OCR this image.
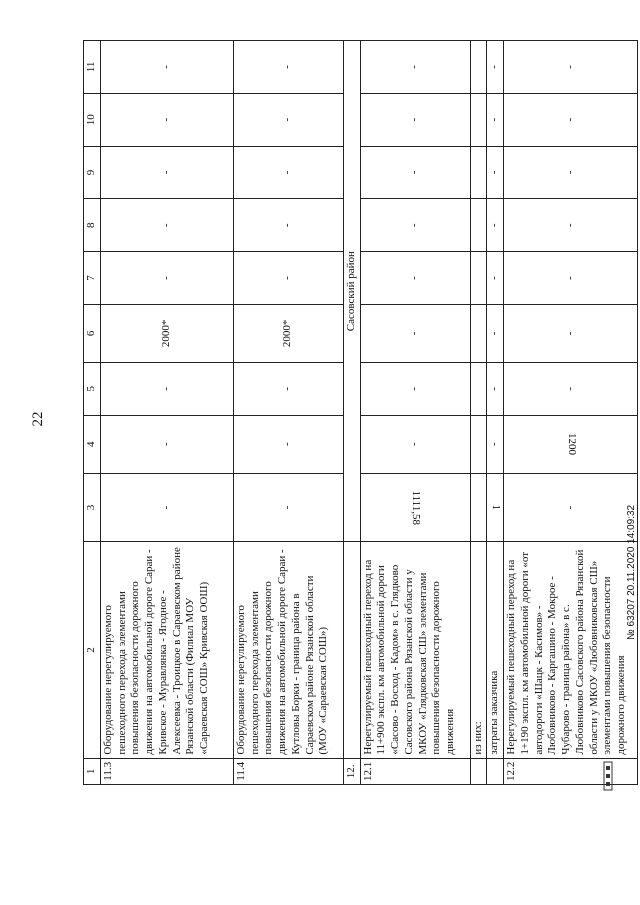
22
1	2	3	4	5	6	7	8	9	10	11
11.3	Оборудование нерегулируемого пешеходного перехода элементами повышения безопасности дорожного движения на автомобильной дороге Сараи - Кривское - Муравлянка - Ягодное - Алексеевка - Троицкое в Сараевском районе Рязанской области (Филиал МОУ «Сараевская СОШ» Кривская ООШ)	-	-	-	2000*	-	-	-	-	-
11.4	Оборудование нерегулируемого пешеходного перехода элементами повышения безопасности дорожного движения на автомобильной дороге Сараи - Кутловы Борки - граница района в Сараевском районе Рязанской области (МОУ «Сараевская СОШ»)	-	-	-	2000*	-	-	-	-	-
12.		Сасовский район								
12.1	Нерегулируемый пешеходный переход на 11+900 экспл. км автомобильной дороги «Сасово - Восход - Кадом» в с. Глядково Сасовского района Рязанской области у МКОУ «Глядковская СШ» элементами повышения безопасности дорожного движения	1111,58	-	-	-	-	-	-	-	-
	из них:									
	затраты заказчика	1	-	-	-	-	-	-	-	-
12.2	Нерегулируемый пешеходный переход на 1+190 экспл. км автомобильной дороги «от автодороги «Шацк - Касимов» - Любовниково - Каргашино - Мокрое - Чубарово - граница района» в с. Любовниково Сасовского района Рязанской области у МКОУ «Любовниковская СШ» элементами повышения безопасности дорожного движения	-	1200	-	-	-	-	-	-	-
№ 63207 20.11.2020 14:09:32
